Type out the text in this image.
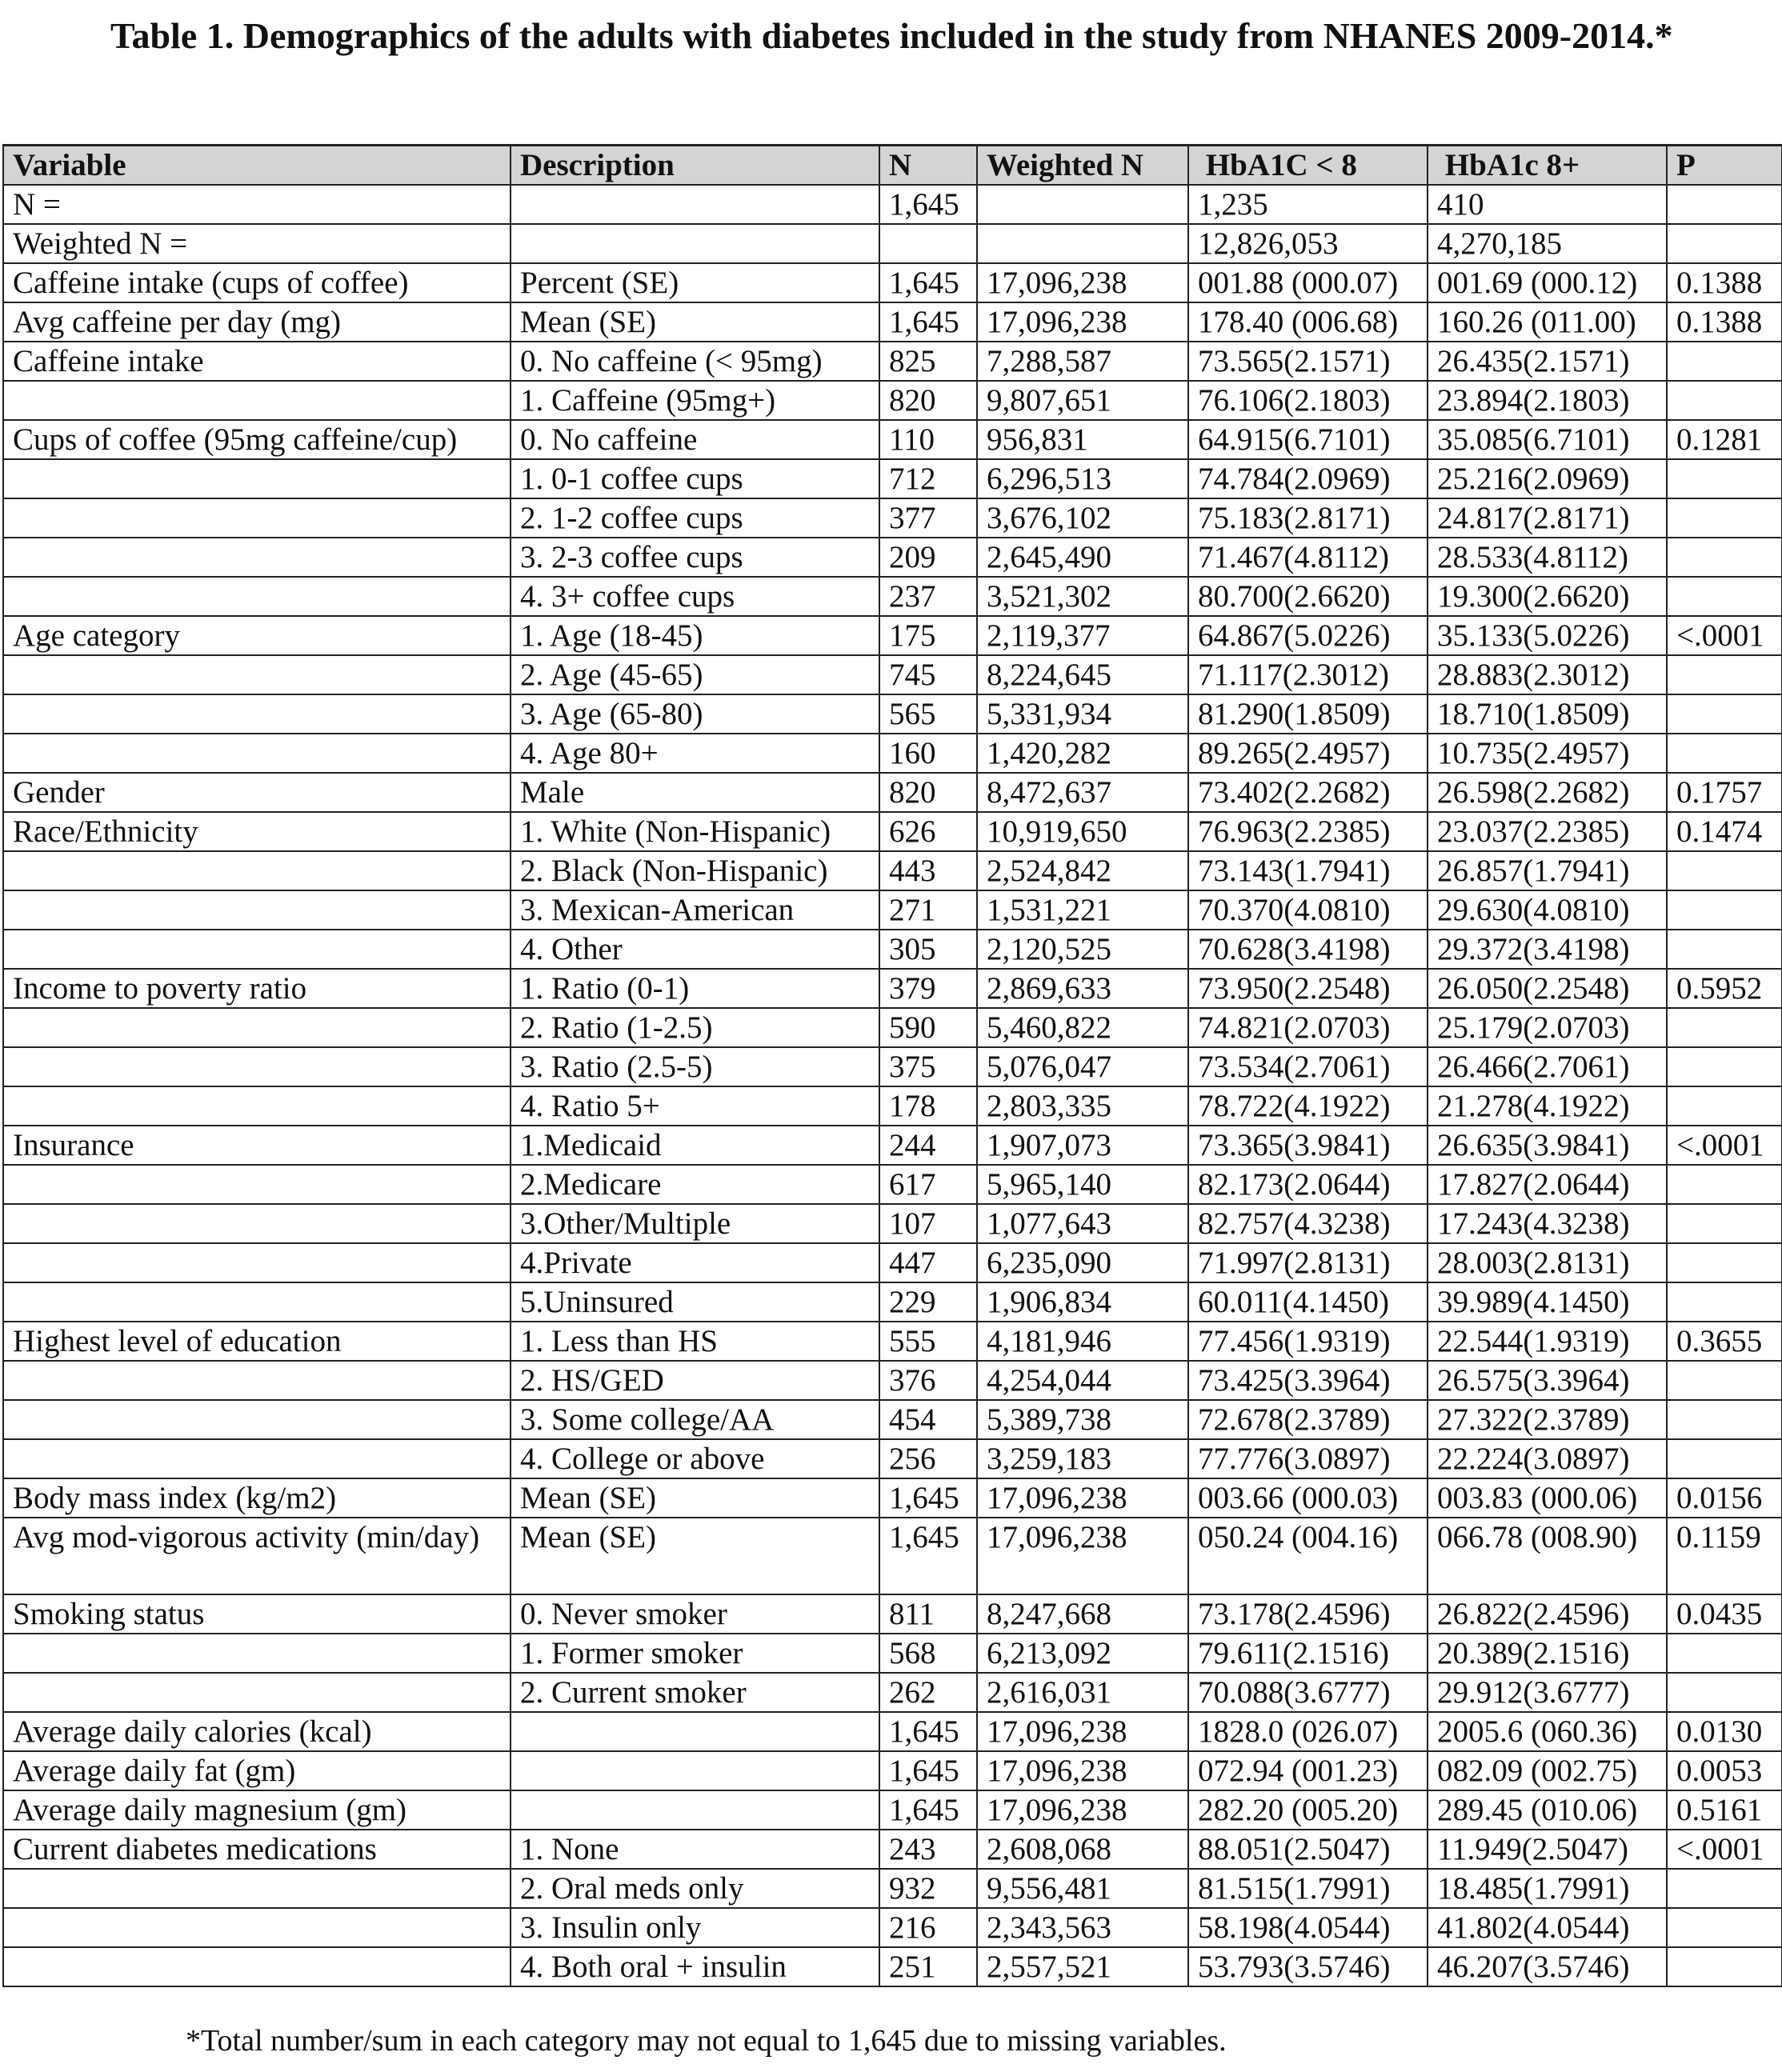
Table 1. Demographics of the adults with diabetes included in the study from NHANES 2009-2014.*
Variable	Description	N	Weighted N	HbA1C < 8	HbA1c 8+	P
N =		1,645		1,235	410	
Weighted N =				12,826,053	4,270,185	
Caffeine intake (cups of coffee)	Percent (SE)	1,645	17,096,238	001.88 (000.07)	001.69 (000.12)	0.1388
Avg caffeine per day (mg)	Mean (SE)	1,645	17,096,238	178.40 (006.68)	160.26 (011.00)	0.1388
Caffeine intake	0. No caffeine (< 95mg)	825	7,288,587	73.565(2.1571)	26.435(2.1571)	
	1. Caffeine (95mg+)	820	9,807,651	76.106(2.1803)	23.894(2.1803)	
Cups of coffee (95mg caffeine/cup)	0. No caffeine	110	956,831	64.915(6.7101)	35.085(6.7101)	0.1281
	1. 0-1 coffee cups	712	6,296,513	74.784(2.0969)	25.216(2.0969)	
	2. 1-2 coffee cups	377	3,676,102	75.183(2.8171)	24.817(2.8171)	
	3. 2-3 coffee cups	209	2,645,490	71.467(4.8112)	28.533(4.8112)	
	4. 3+ coffee cups	237	3,521,302	80.700(2.6620)	19.300(2.6620)	
Age category	1. Age (18-45)	175	2,119,377	64.867(5.0226)	35.133(5.0226)	<.0001
	2. Age (45-65)	745	8,224,645	71.117(2.3012)	28.883(2.3012)	
	3. Age (65-80)	565	5,331,934	81.290(1.8509)	18.710(1.8509)	
	4. Age 80+	160	1,420,282	89.265(2.4957)	10.735(2.4957)	
Gender	Male	820	8,472,637	73.402(2.2682)	26.598(2.2682)	0.1757
Race/Ethnicity	1. White (Non-Hispanic)	626	10,919,650	76.963(2.2385)	23.037(2.2385)	0.1474
	2. Black (Non-Hispanic)	443	2,524,842	73.143(1.7941)	26.857(1.7941)	
	3. Mexican-American	271	1,531,221	70.370(4.0810)	29.630(4.0810)	
	4. Other	305	2,120,525	70.628(3.4198)	29.372(3.4198)	
Income to poverty ratio	1. Ratio (0-1)	379	2,869,633	73.950(2.2548)	26.050(2.2548)	0.5952
	2. Ratio (1-2.5)	590	5,460,822	74.821(2.0703)	25.179(2.0703)	
	3. Ratio (2.5-5)	375	5,076,047	73.534(2.7061)	26.466(2.7061)	
	4. Ratio 5+	178	2,803,335	78.722(4.1922)	21.278(4.1922)	
Insurance	1.Medicaid	244	1,907,073	73.365(3.9841)	26.635(3.9841)	<.0001
	2.Medicare	617	5,965,140	82.173(2.0644)	17.827(2.0644)	
	3.Other/Multiple	107	1,077,643	82.757(4.3238)	17.243(4.3238)	
	4.Private	447	6,235,090	71.997(2.8131)	28.003(2.8131)	
	5.Uninsured	229	1,906,834	60.011(4.1450)	39.989(4.1450)	
Highest level of education	1. Less than HS	555	4,181,946	77.456(1.9319)	22.544(1.9319)	0.3655
	2. HS/GED	376	4,254,044	73.425(3.3964)	26.575(3.3964)	
	3. Some college/AA	454	5,389,738	72.678(2.3789)	27.322(2.3789)	
	4. College or above	256	3,259,183	77.776(3.0897)	22.224(3.0897)	
Body mass index (kg/m2)	Mean (SE)	1,645	17,096,238	003.66 (000.03)	003.83 (000.06)	0.0156
Avg mod-vigorous activity (min/day)	Mean (SE)	1,645	17,096,238	050.24 (004.16)	066.78 (008.90)	0.1159
Smoking status	0. Never smoker	811	8,247,668	73.178(2.4596)	26.822(2.4596)	0.0435
	1. Former smoker	568	6,213,092	79.611(2.1516)	20.389(2.1516)	
	2. Current smoker	262	2,616,031	70.088(3.6777)	29.912(3.6777)	
Average daily calories (kcal)		1,645	17,096,238	1828.0 (026.07)	2005.6 (060.36)	0.0130
Average daily fat (gm)		1,645	17,096,238	072.94 (001.23)	082.09 (002.75)	0.0053
Average daily magnesium (gm)		1,645	17,096,238	282.20 (005.20)	289.45 (010.06)	0.5161
Current diabetes medications	1. None	243	2,608,068	88.051(2.5047)	11.949(2.5047)	<.0001
	2. Oral meds only	932	9,556,481	81.515(1.7991)	18.485(1.7991)	
	3. Insulin only	216	2,343,563	58.198(4.0544)	41.802(4.0544)	
	4. Both oral + insulin	251	2,557,521	53.793(3.5746)	46.207(3.5746)	
*Total number/sum in each category may not equal to 1,645 due to missing variables.
